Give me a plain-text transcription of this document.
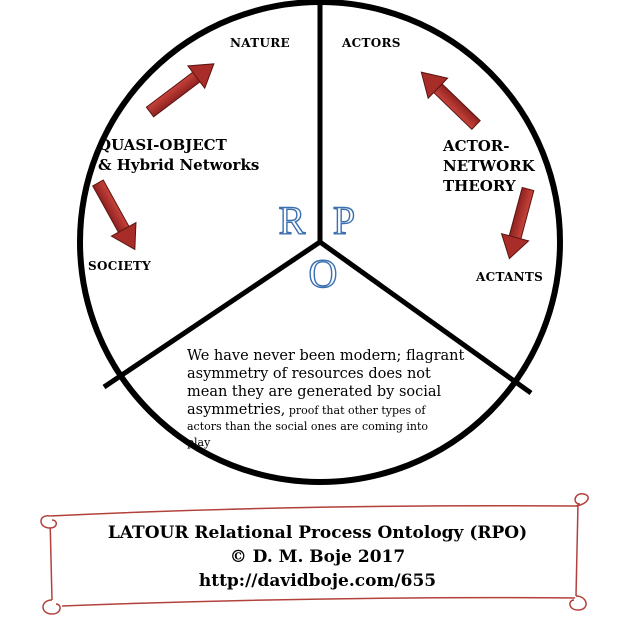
R P
O
NATURE
QUASI-OBJECT
& Hybrid Networks
SOCIETY
ACTORS
ACTOR-
NETWORK
THEORY
ACTANTS
We have never been modern; flagrant
asymmetry of resources does not
mean they are generated by social
asymmetries, proof that other types of
actors than the social ones are coming into
play
LATOUR Relational Process Ontology (RPO)
© D. M. Boje 2017
http://davidboje.com/655
